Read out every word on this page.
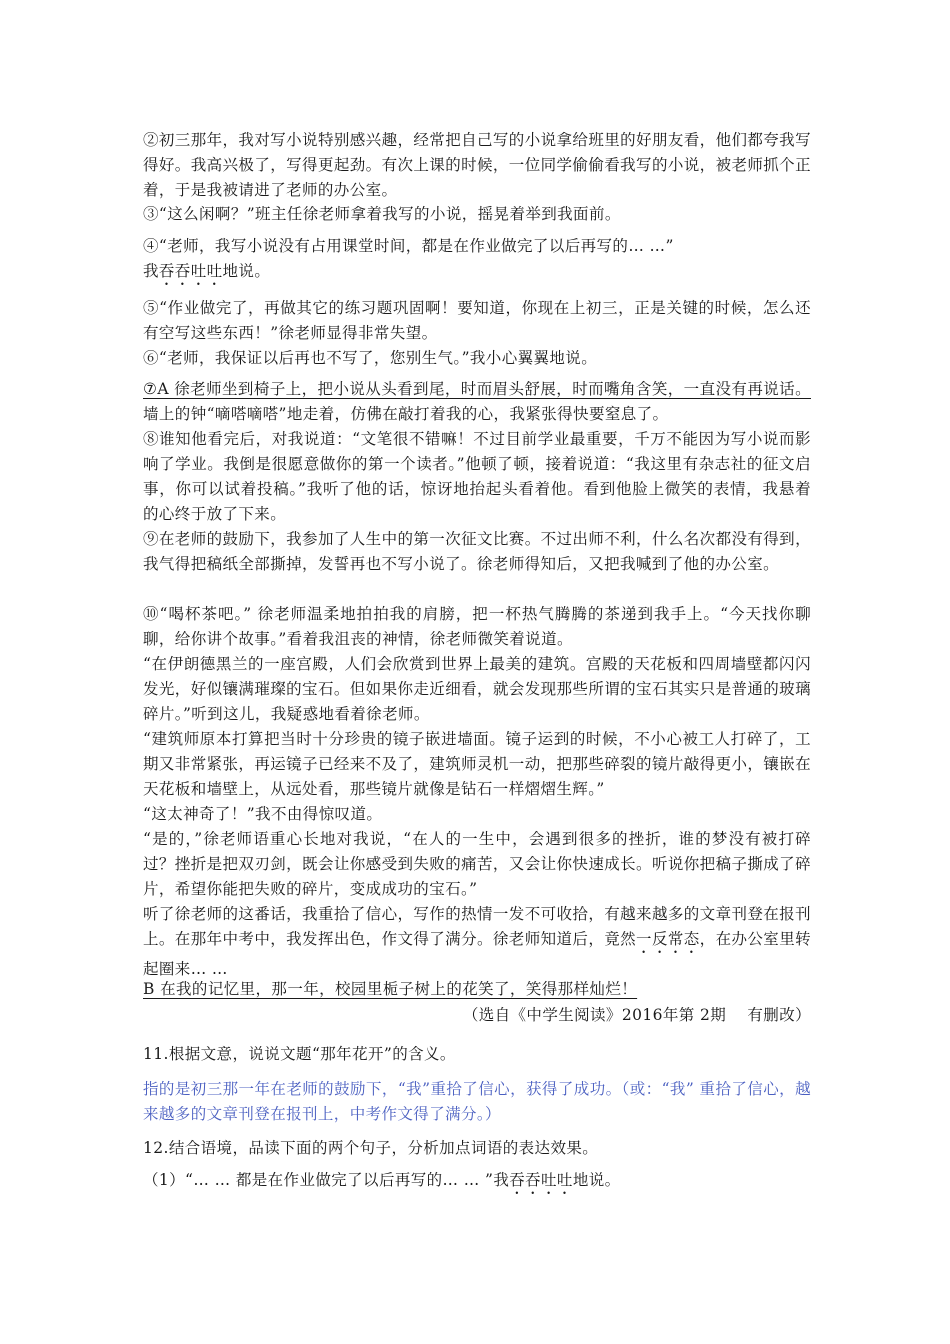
②初三那年，我对写小说特别感兴趣，经常把自己写的小说拿给班里的好朋友看，他们都夸我写得好。我高兴极了，写得更起劲。有次上课的时候，一位同学偷偷看我写的小说，被老师抓个正着，于是我被请进了老师的办公室。

③“这么闲啊？”班主任徐老师拿着我写的小说，摇晃着举到我面前。

④“老师，我写小说没有占用课堂时间，都是在作业做完了以后再写的… …”
我吞吞吐吐地说。

⑤“作业做完了，再做其它的练习题巩固啊！要知道，你现在上初三，正是关键的时候，怎么还有空写这些东西！”徐老师显得非常失望。

⑥“老师，我保证以后再也不写了，您别生气。”我小心翼翼地说。

⑦A 徐老师坐到椅子上，把小说从头看到尾，时而眉头舒展，时而嘴角含笑，一直没有再说话。墙上的钟“嘀嗒嘀嗒”地走着，仿佛在敲打着我的心，我紧张得快要窒息了。

⑧谁知他看完后，对我说道：“文笔很不错嘛！不过目前学业最重要，千万不能因为写小说而影响了学业。我倒是很愿意做你的第一个读者。”他顿了顿，接着说道：“我这里有杂志社的征文启事，你可以试着投稿。”我听了他的话，惊讶地抬起头看着他。看到他脸上微笑的表情，我悬着的心终于放了下来。

⑨在老师的鼓励下，我参加了人生中的第一次征文比赛。不过出师不利，什么名次都没有得到，我气得把稿纸全部撕掉，发誓再也不写小说了。徐老师得知后，又把我喊到了他的办公室。

⑩“喝杯茶吧。” 徐老师温柔地拍拍我的肩膀，把一杯热气腾腾的茶递到我手上。“今天找你聊聊，给你讲个故事。”看着我沮丧的神情，徐老师微笑着说道。

“在伊朗德黑兰的一座宫殿，人们会欣赏到世界上最美的建筑。宫殿的天花板和四周墙壁都闪闪发光，好似镶满璀璨的宝石。但如果你走近细看，就会发现那些所谓的宝石其实只是普通的玻璃碎片。”听到这儿，我疑惑地看着徐老师。

“建筑师原本打算把当时十分珍贵的镜子嵌进墙面。镜子运到的时候，不小心被工人打碎了，工期又非常紧张，再运镜子已经来不及了，建筑师灵机一动，把那些碎裂的镜片敲得更小，镶嵌在天花板和墙壁上，从远处看，那些镜片就像是钻石一样熠熠生辉。”

“这太神奇了！”我不由得惊叹道。

“是的，”徐老师语重心长地对我说，“在人的一生中，会遇到很多的挫折，谁的梦没有被打碎过？挫折是把双刃剑，既会让你感受到失败的痛苦，又会让你快速成长。听说你把稿子撕成了碎片，希望你能把失败的碎片，变成成功的宝石。”

听了徐老师的这番话，我重拾了信心，写作的热情一发不可收拾，有越来越多的文章刊登在报刊上。在那年中考中，我发挥出色，作文得了满分。徐老师知道后，竟然一反常态，在办公室里转起圈来… …

B 在我的记忆里，那一年，校园里栀子树上的花笑了，笑得那样灿烂！

（选自《中学生阅读》2016年第 2期　 有删改）

11.根据文意，说说文题“那年花开”的含义。

指的是初三那一年在老师的鼓励下，“我”重拾了信心，获得了成功。（或：“我” 重拾了信心，越来越多的文章刊登在报刊上，中考作文得了满分。）

12.结合语境，品读下面的两个句子，分析加点词语的表达效果。

（1）“… … 都是在作业做完了以后再写的… … ”我吞吞吐吐地说。
